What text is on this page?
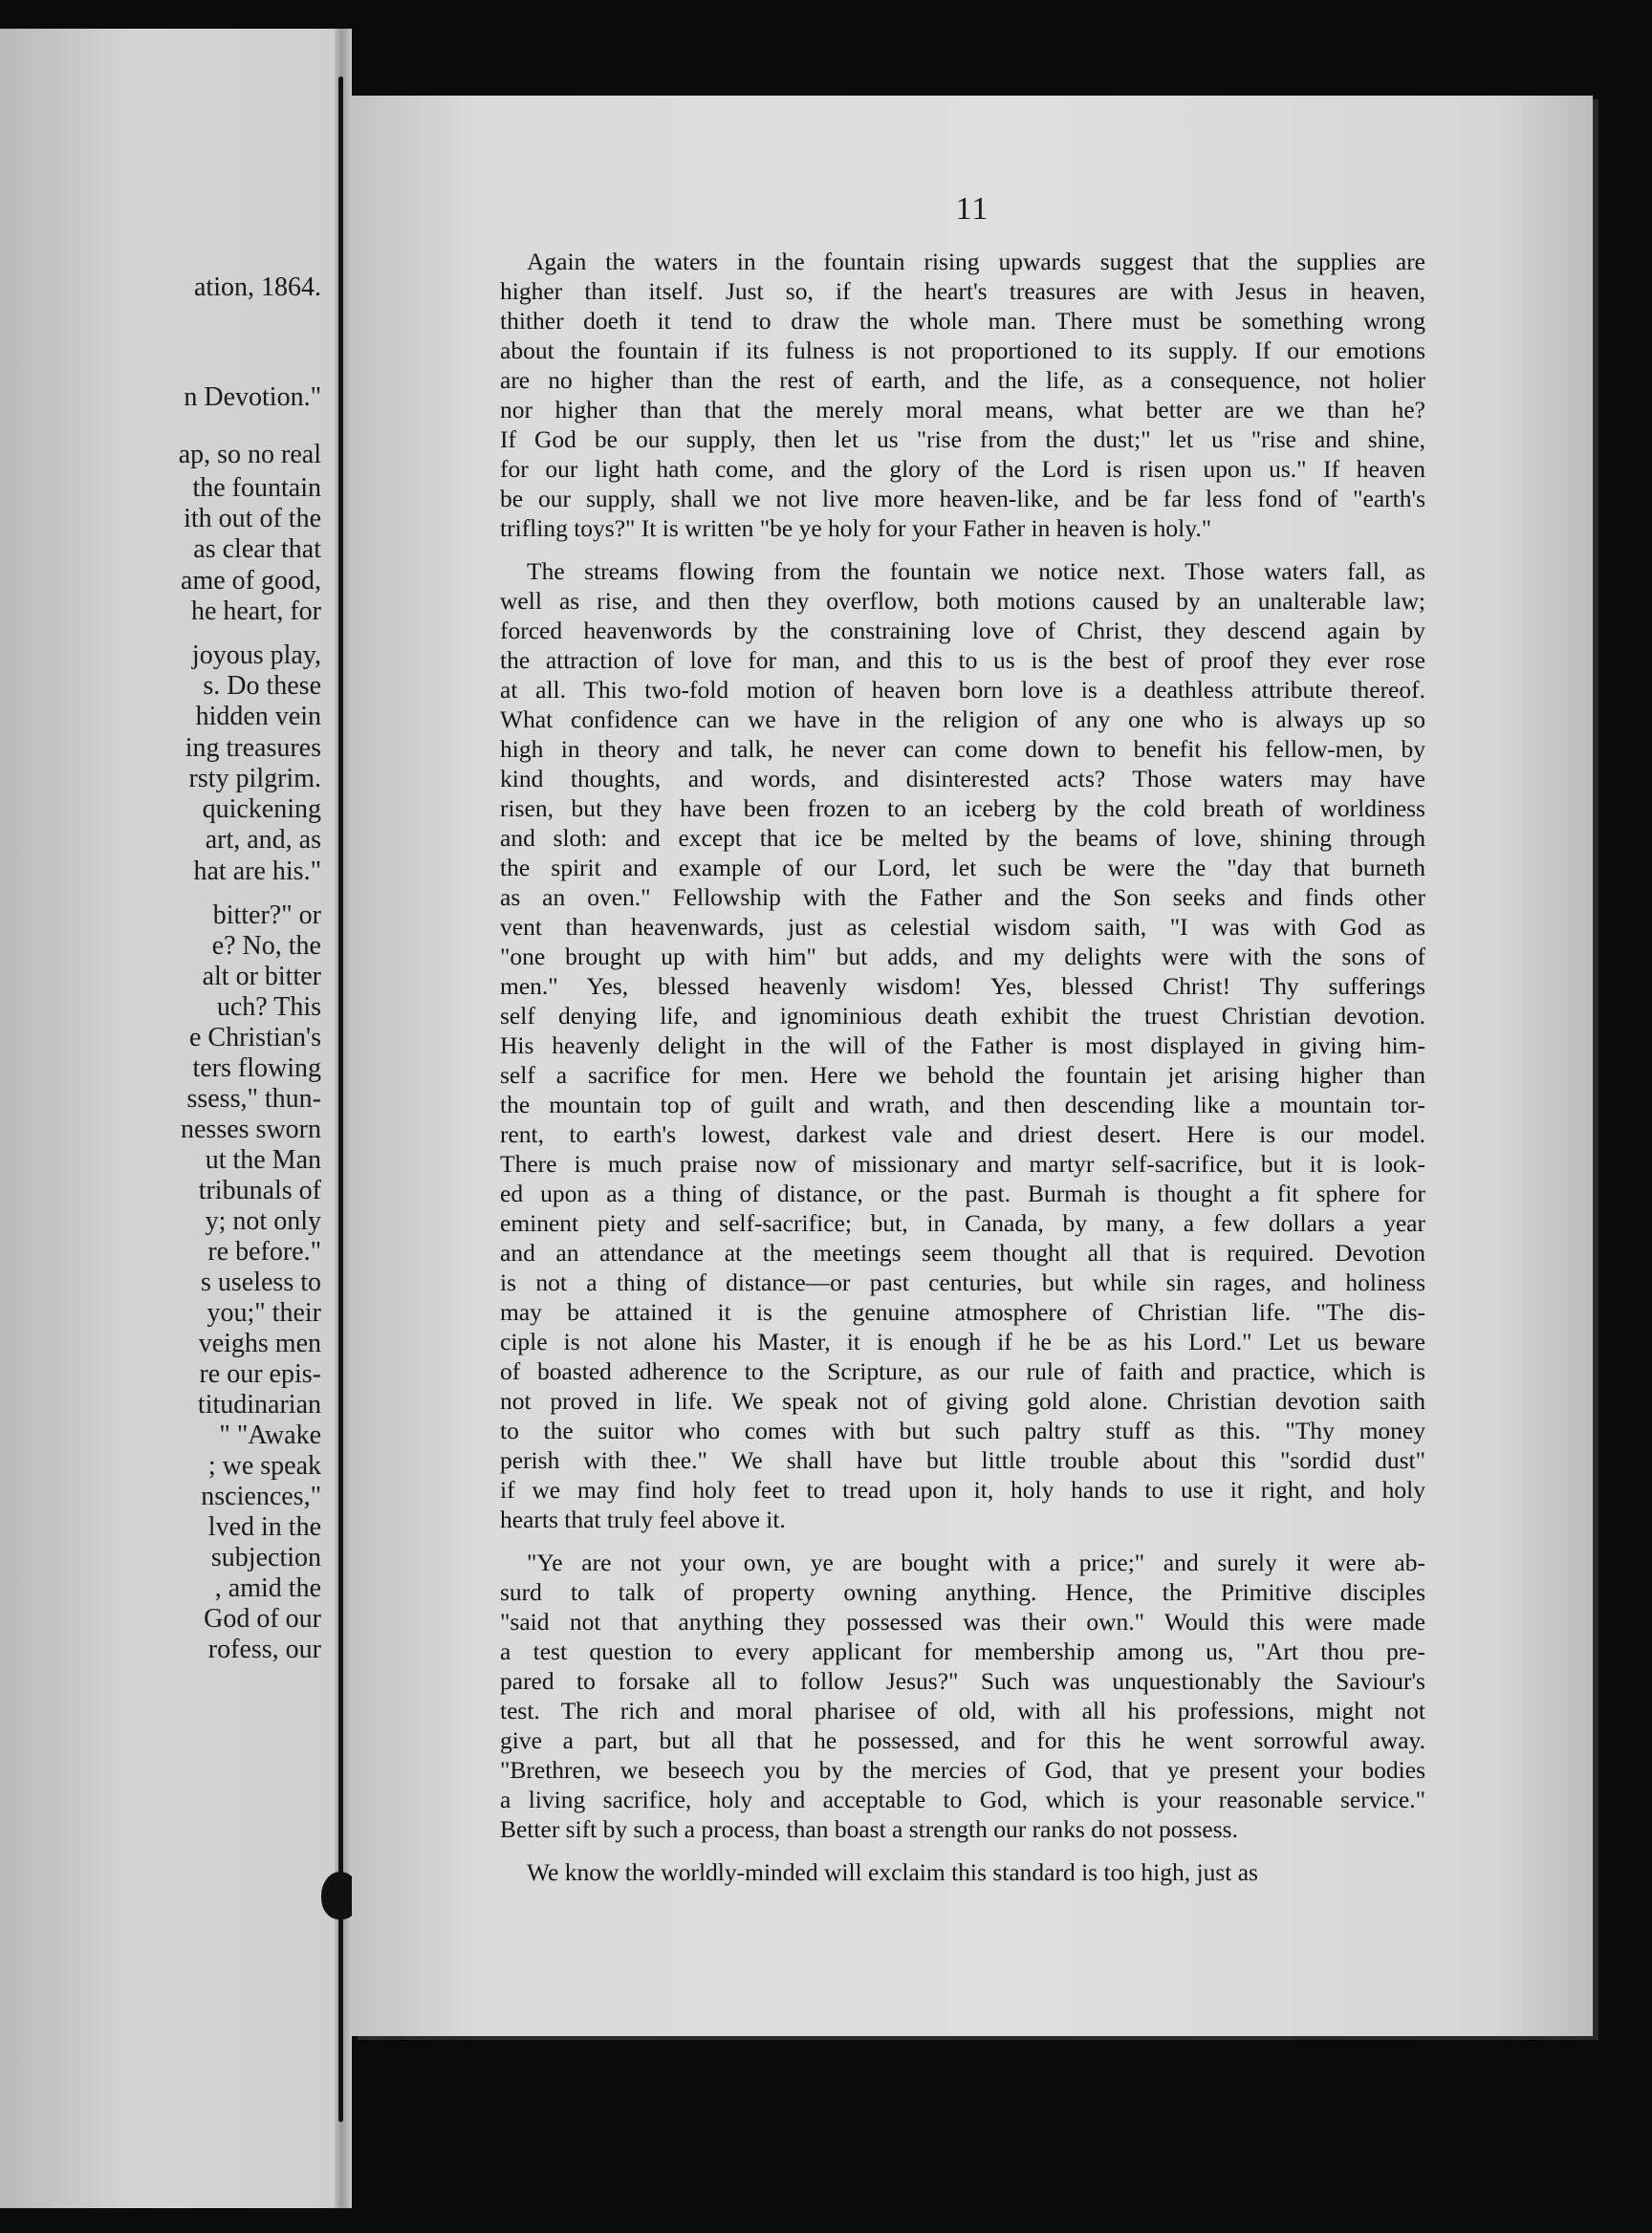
ation, 1864.
n Devotion."
ap, so no real
the fountain
ith out of the
as clear that
ame of good,
he heart, for
joyous play,
s. Do these
hidden vein
ing treasures
rsty pilgrim.
quickening
art, and, as
hat are his."
bitter?" or
e? No, the
alt or bitter
uch? This
e Christian's
ters flowing
ssess," thun-
nesses sworn
ut the Man
tribunals of
y; not only
re before."
s useless to
you;" their
veighs men
re our epis-
titudinarian
" "Awake
; we speak
nsciences,"
lved in the
subjection
, amid the
God of our
rofess, our
11
Again the waters in the fountain rising upwards suggest that the supplies are
higher than itself. Just so, if the heart's treasures are with Jesus in heaven,
thither doeth it tend to draw the whole man. There must be something wrong
about the fountain if its fulness is not proportioned to its supply. If our emotions
are no higher than the rest of earth, and the life, as a consequence, not holier
nor higher than that the merely moral means, what better are we than he?
If God be our supply, then let us "rise from the dust;" let us "rise and shine,
for our light hath come, and the glory of the Lord is risen upon us." If heaven
be our supply, shall we not live more heaven-like, and be far less fond of "earth's
trifling toys?" It is written "be ye holy for your Father in heaven is holy."
The streams flowing from the fountain we notice next. Those waters fall, as
well as rise, and then they overflow, both motions caused by an unalterable law;
forced heavenwords by the constraining love of Christ, they descend again by
the attraction of love for man, and this to us is the best of proof they ever rose
at all. This two-fold motion of heaven born love is a deathless attribute thereof.
What confidence can we have in the religion of any one who is always up so
high in theory and talk, he never can come down to benefit his fellow-men, by
kind thoughts, and words, and disinterested acts? Those waters may have
risen, but they have been frozen to an iceberg by the cold breath of worldiness
and sloth: and except that ice be melted by the beams of love, shining through
the spirit and example of our Lord, let such be were the "day that burneth
as an oven." Fellowship with the Father and the Son seeks and finds other
vent than heavenwards, just as celestial wisdom saith, "I was with God as
"one brought up with him" but adds, and my delights were with the sons of
men." Yes, blessed heavenly wisdom! Yes, blessed Christ! Thy sufferings
self denying life, and ignominious death exhibit the truest Christian devotion.
His heavenly delight in the will of the Father is most displayed in giving him-
self a sacrifice for men. Here we behold the fountain jet arising higher than
the mountain top of guilt and wrath, and then descending like a mountain tor-
rent, to earth's lowest, darkest vale and driest desert. Here is our model.
There is much praise now of missionary and martyr self-sacrifice, but it is look-
ed upon as a thing of distance, or the past. Burmah is thought a fit sphere for
eminent piety and self-sacrifice; but, in Canada, by many, a few dollars a year
and an attendance at the meetings seem thought all that is required. Devotion
is not a thing of distance—or past centuries, but while sin rages, and holiness
may be attained it is the genuine atmosphere of Christian life. "The dis-
ciple is not alone his Master, it is enough if he be as his Lord." Let us beware
of boasted adherence to the Scripture, as our rule of faith and practice, which is
not proved in life. We speak not of giving gold alone. Christian devotion saith
to the suitor who comes with but such paltry stuff as this. "Thy money
perish with thee." We shall have but little trouble about this "sordid dust"
if we may find holy feet to tread upon it, holy hands to use it right, and holy
hearts that truly feel above it.
"Ye are not your own, ye are bought with a price;" and surely it were ab-
surd to talk of property owning anything. Hence, the Primitive disciples
"said not that anything they possessed was their own." Would this were made
a test question to every applicant for membership among us, "Art thou pre-
pared to forsake all to follow Jesus?" Such was unquestionably the Saviour's
test. The rich and moral pharisee of old, with all his professions, might not
give a part, but all that he possessed, and for this he went sorrowful away.
"Brethren, we beseech you by the mercies of God, that ye present your bodies
a living sacrifice, holy and acceptable to God, which is your reasonable service."
Better sift by such a process, than boast a strength our ranks do not possess.
We know the worldly-minded will exclaim this standard is too high, just as
